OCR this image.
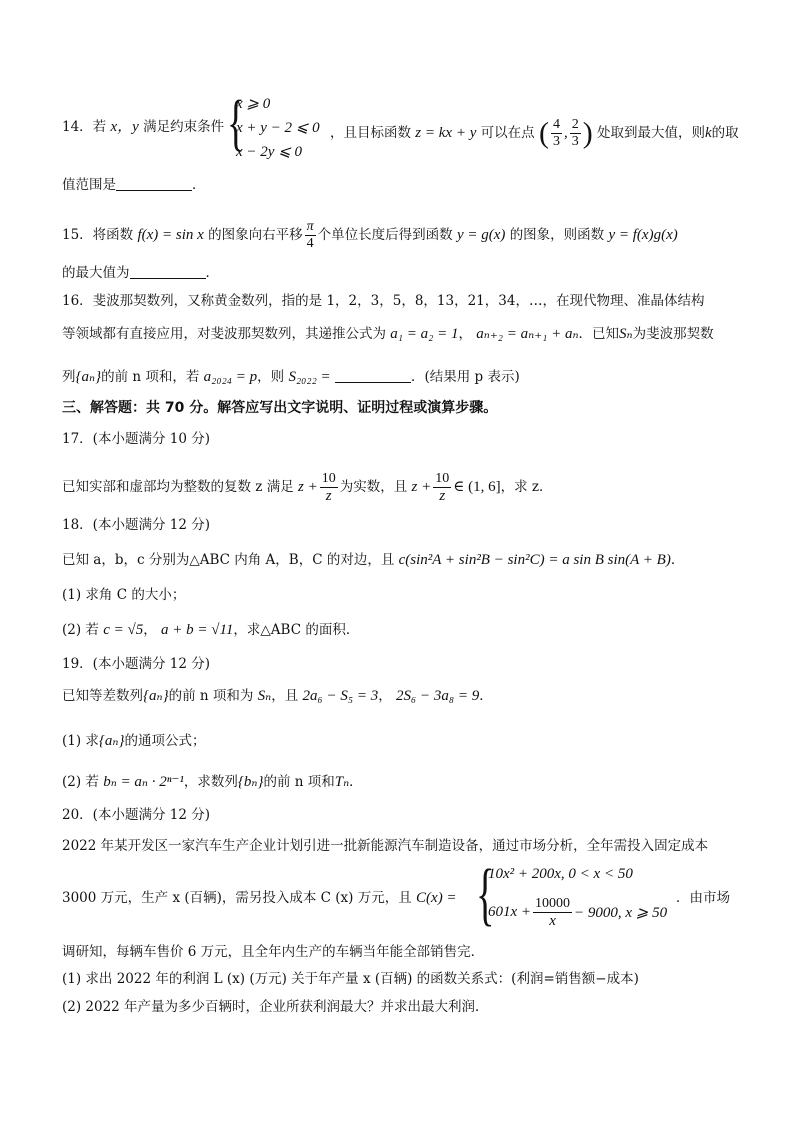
14．若 x，y 满足约束条件 {
x ⩾ 0
x + y − 2 ⩽ 0
x − 2y ⩽ 0
，且目标函数 z = kx + y 可以在点 ( $\frac{4}{3}$ , $\frac{2}{3}$ ) 处取到最大值，则k的取
值范围是	．
15．将函数 f(x) = sin x 的图象向右平移 $\frac{\pi}{4}$ 个单位长度后得到函数 y = g(x) 的图象，则函数 y = f(x)g(x)
的最大值为	．
16．斐波那契数列，又称黄金数列，指的是 1，2，3，5，8，13，21，34，…，在现代物理、准晶体结构
等领域都有直接应用，对斐波那契数列，其递推公式为 a₁ = a₂ = 1， aₙ₊₂ = aₙ₊₁ + aₙ．已知Sₙ为斐波那契数
列{aₙ}的前 n 项和，若 a₂₀₂₄ = p，则 S₂₀₂₂ =	．(结果用 p 表示)
三、解答题：共 70 分。解答应写出文字说明、证明过程或演算步骤。
17．(本小题满分 10 分)
已知实部和虚部均为整数的复数 z 满足 $z + \frac{10}{z}$ 为实数，且 $z + \frac{10}{z}$ ∈ (1, 6]，求 z．
18．(本小题满分 12 分)
已知 a，b，c 分别为△ABC 内角 A，B，C 的对边，且 c(sin²A + sin²B − sin²C) = a sin B sin(A + B)．
(1) 求角 C 的大小；
(2) 若 c = √5， a + b = √11，求△ABC 的面积．
19．(本小题满分 12 分)
已知等差数列{aₙ}的前 n 项和为 Sₙ，且 2a₆ − S₅ = 3， 2S₆ − 3a₈ = 9．
(1) 求{aₙ}的通项公式；
(2) 若 bₙ = aₙ · 2ⁿ⁻¹，求数列{bₙ}的前 n 项和Tₙ．
20．(本小题满分 12 分)
2022 年某开发区一家汽车生产企业计划引进一批新能源汽车制造设备，通过市场分析，全年需投入固定成本
3000 万元，生产 x (百辆)，需另投入成本 C (x) 万元，且 C(x) = {
10x² + 200x, 0 < x < 50
$601x + \frac{10000}{x} - 9000$, x ⩾ 50
．由市场
调研知，每辆车售价 6 万元，且全年内生产的车辆当年能全部销售完．
(1) 求出 2022 年的利润 L (x) (万元) 关于年产量 x (百辆) 的函数关系式：(利润=销售额−成本)
(2) 2022 年产量为多少百辆时，企业所获利润最大？并求出最大利润．
